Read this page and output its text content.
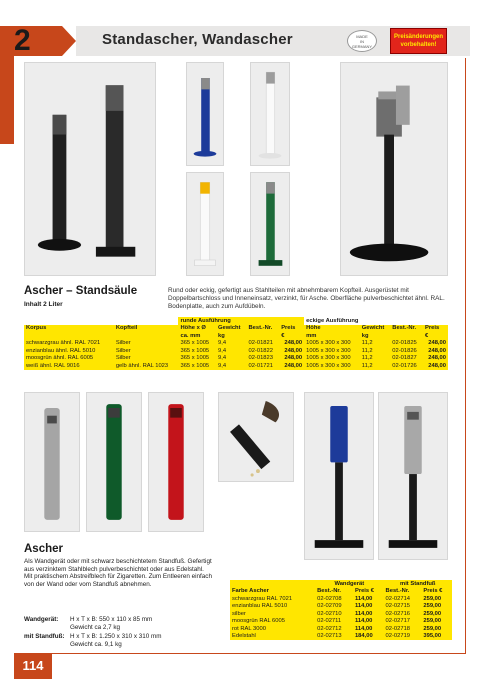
2	Standascher, Wandascher	MADE
IN
GERMANY
Preisänderungen
vorbehalten!
Ascher – Standsäule
Inhalt 2 Liter
Rund oder eckig, gefertigt aus Stahlteilen mit abnehmbarem Kopfteil. Ausgerüstet mit Doppelbartschloss und Inneneinsatz, verzinkt, für Asche. Oberfläche pulverbeschichtet ähnl. RAL. Bodenplatte, auch zum Aufdübeln.
		runde Ausführung				eckige Ausführung			
Korpus	Kopfteil	Höhe x Ø	Gewicht	Best.-Nr.	Preis	Höhe	Gewicht	Best.-Nr.	Preis
		ca. mm	kg		€	mm	kg		€
schwarzgrau ähnl. RAL 7021	Silber	365 x 1005	9,4	02-01821	248,00	1005 x 300 x 300	11,2	02-01825	248,00
enzianblau ähnl. RAL 5010	Silber	365 x 1005	9,4	02-01822	248,00	1005 x 300 x 300	11,2	02-01826	248,00
moosgrün ähnl. RAL 6005	Silber	365 x 1005	9,4	02-01823	248,00	1005 x 300 x 300	11,2	02-01827	248,00
weiß ähnl. RAL 9016	gelb ähnl. RAL 1023	365 x 1005	9,4	02-01721	248,00	1005 x 300 x 300	11,2	02-01726	248,00
Ascher
Als Wandgerät oder mit schwarz beschichtetem Standfuß. Gefertigt aus verzinktem Stahlblech pulverbeschichtet oder aus Edelstahl. Mit praktischem Abstreifblech für Zigaretten. Zum Entleeren einfach von der Wand oder vom Standfuß abnehmen.
Wandgerät: H x T x B: 550 x 110 x 85 mm
Gewicht ca 2,7 kg
mit Standfuß: H x T x B: 1.250 x 310 x 310 mm
Gewicht ca. 9,1 kg
	Wandgerät		mit Standfuß	
Farbe Ascher	Best.-Nr.	Preis €	Best.-Nr.	Preis €
schwarzgrau RAL 7021	02-02708	114,00	02-02714	259,00
enzianblau RAL 5010	02-02709	114,00	02-02715	259,00
silber	02-02710	114,00	02-02716	259,00
moosgrün RAL 6005	02-02711	114,00	02-02717	259,00
rot RAL 3000	02-02712	114,00	02-02718	259,00
Edelstahl	02-02713	184,00	02-02719	395,00
114
